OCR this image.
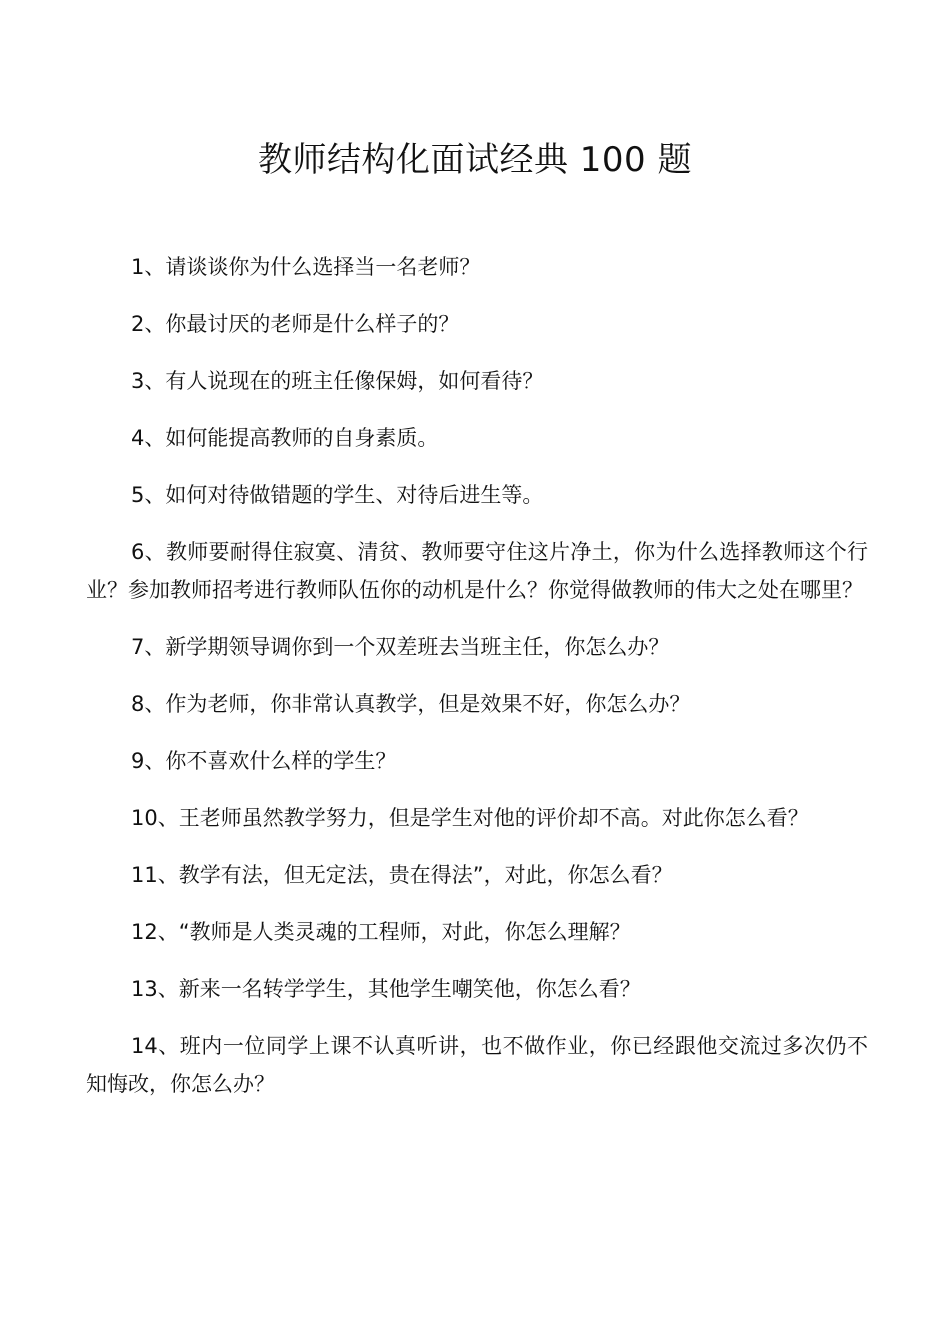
教师结构化面试经典 100 题
1、请谈谈你为什么选择当一名老师？
2、你最讨厌的老师是什么样子的？
3、有人说现在的班主任像保姆，如何看待？
4、如何能提高教师的自身素质。
5、如何对待做错题的学生、对待后进生等。
6、教师要耐得住寂寞、清贫、教师要守住这片净土，你为什么选择教师这个行业？参加教师招考进行教师队伍你的动机是什么？你觉得做教师的伟大之处在哪里？
7、新学期领导调你到一个双差班去当班主任，你怎么办？
8、作为老师，你非常认真教学，但是效果不好，你怎么办？
9、你不喜欢什么样的学生？
10、王老师虽然教学努力，但是学生对他的评价却不高。对此你怎么看？
11、教学有法，但无定法，贵在得法”，对此，你怎么看？
12、“教师是人类灵魂的工程师，对此，你怎么理解？
13、新来一名转学学生，其他学生嘲笑他，你怎么看？
14、班内一位同学上课不认真听讲，也不做作业，你已经跟他交流过多次仍不知悔改，你怎么办？
